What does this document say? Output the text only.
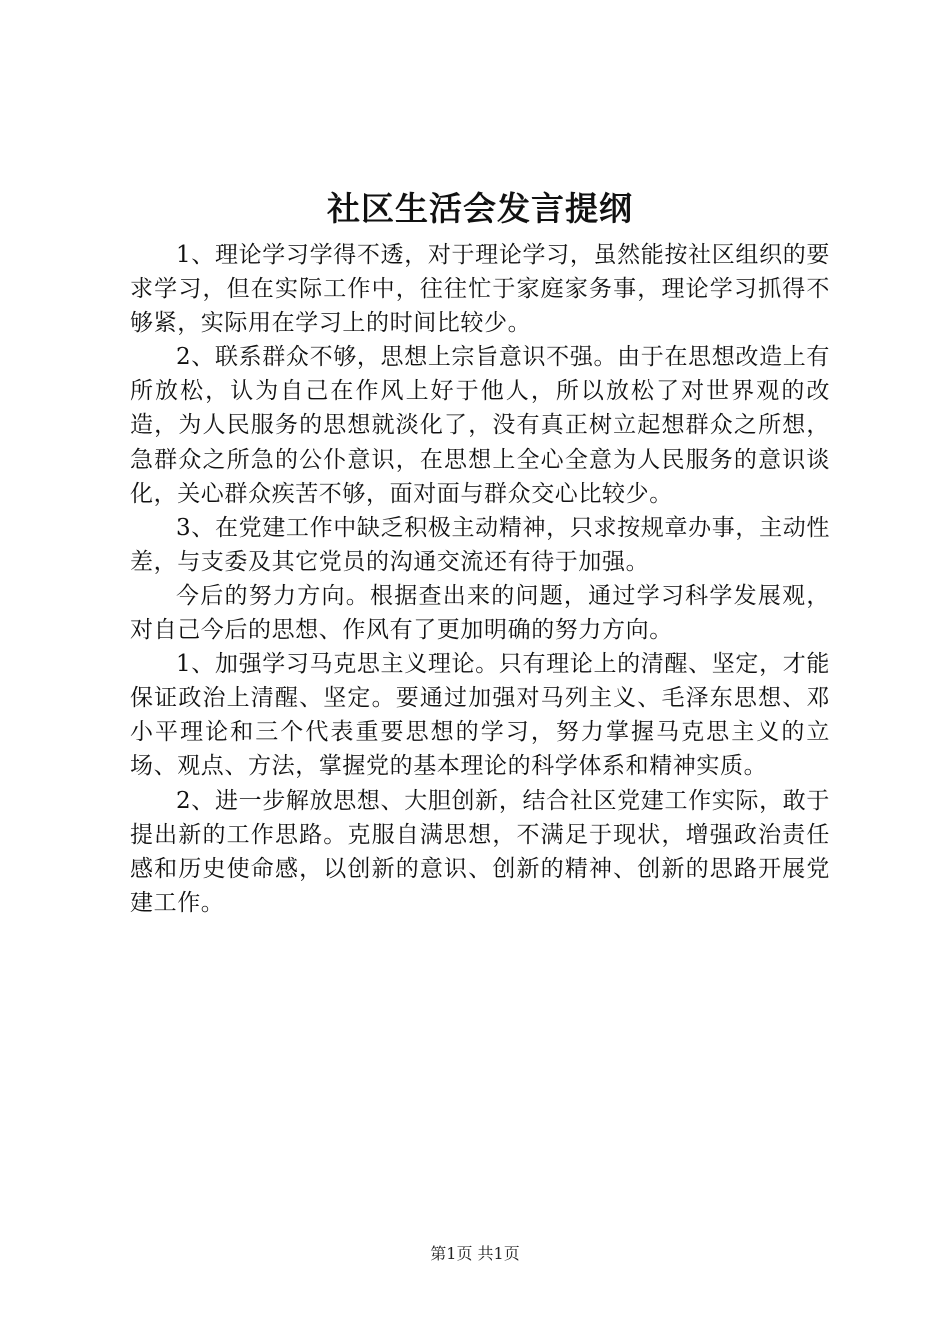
社区生活会发言提纲

1、理论学习学得不透，对于理论学习，虽然能按社区组织的要求学习，但在实际工作中，往往忙于家庭家务事，理论学习抓得不够紧，实际用在学习上的时间比较少。

2、联系群众不够，思想上宗旨意识不强。由于在思想改造上有所放松，认为自己在作风上好于他人，所以放松了对世界观的改造，为人民服务的思想就淡化了，没有真正树立起想群众之所想，急群众之所急的公仆意识，在思想上全心全意为人民服务的意识谈化，关心群众疾苦不够，面对面与群众交心比较少。

3、在党建工作中缺乏积极主动精神，只求按规章办事，主动性差，与支委及其它党员的沟通交流还有待于加强。

今后的努力方向。根据查出来的问题，通过学习科学发展观，对自己今后的思想、作风有了更加明确的努力方向。

1、加强学习马克思主义理论。只有理论上的清醒、坚定，才能保证政治上清醒、坚定。要通过加强对马列主义、毛泽东思想、邓小平理论和三个代表重要思想的学习，努力掌握马克思主义的立场、观点、方法，掌握党的基本理论的科学体系和精神实质。

2、进一步解放思想、大胆创新，结合社区党建工作实际，敢于提出新的工作思路。克服自满思想，不满足于现状，增强政治责任感和历史使命感，以创新的意识、创新的精神、创新的思路开展党建工作。

第1页 共1页
